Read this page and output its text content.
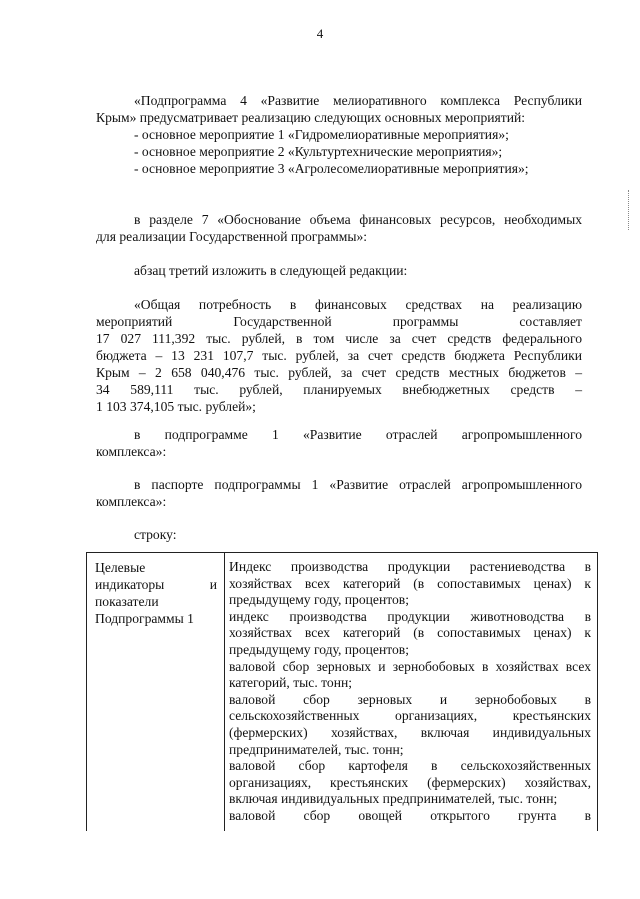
4
«Подпрограмма 4 «Развитие мелиоративного комплекса Республики
Крым» предусматривает реализацию следующих основных мероприятий:
- основное мероприятие 1 «Гидромелиоративные мероприятия»;
- основное мероприятие 2 «Культуртехнические мероприятия»;
- основное мероприятие 3 «Агролесомелиоративные мероприятия»;
в разделе 7 «Обоснование объема финансовых ресурсов, необходимых
для реализации Государственной программы»:
абзац третий изложить в следующей редакции:
«Общая потребность в финансовых средствах на реализацию
мероприятий Государственной программы составляет
17 027 111,392 тыс. рублей, в том числе за счет средств федерального
бюджета – 13 231 107,7 тыс. рублей, за счет средств бюджета Республики
Крым – 2 658 040,476 тыс. рублей, за счет средств местных бюджетов –
34 589,111 тыс. рублей, планируемых внебюджетных средств –
1 103 374,105 тыс. рублей»;
в подпрограмме 1 «Развитие отраслей агропромышленного
комплекса»:
в паспорте подпрограммы 1 «Развитие отраслей агропромышленного
комплекса»:
строку:
Целевые
индикаторы	и
показатели
Подпрограммы 1
Индекс производства продукции растениеводства в
хозяйствах всех категорий (в сопоставимых ценах) к
предыдущему году, процентов;
индекс производства продукции животноводства в
хозяйствах всех категорий (в сопоставимых ценах) к
предыдущему году, процентов;
валовой сбор зерновых и зернобобовых в хозяйствах всех
категорий, тыс. тонн;
валовой сбор зерновых и зернобобовых в
сельскохозяйственных организациях, крестьянских
(фермерских) хозяйствах, включая индивидуальных
предпринимателей, тыс. тонн;
валовой сбор картофеля в сельскохозяйственных
организациях, крестьянских (фермерских) хозяйствах,
включая индивидуальных предпринимателей, тыс. тонн;
валовой сбор овощей открытого грунта в
